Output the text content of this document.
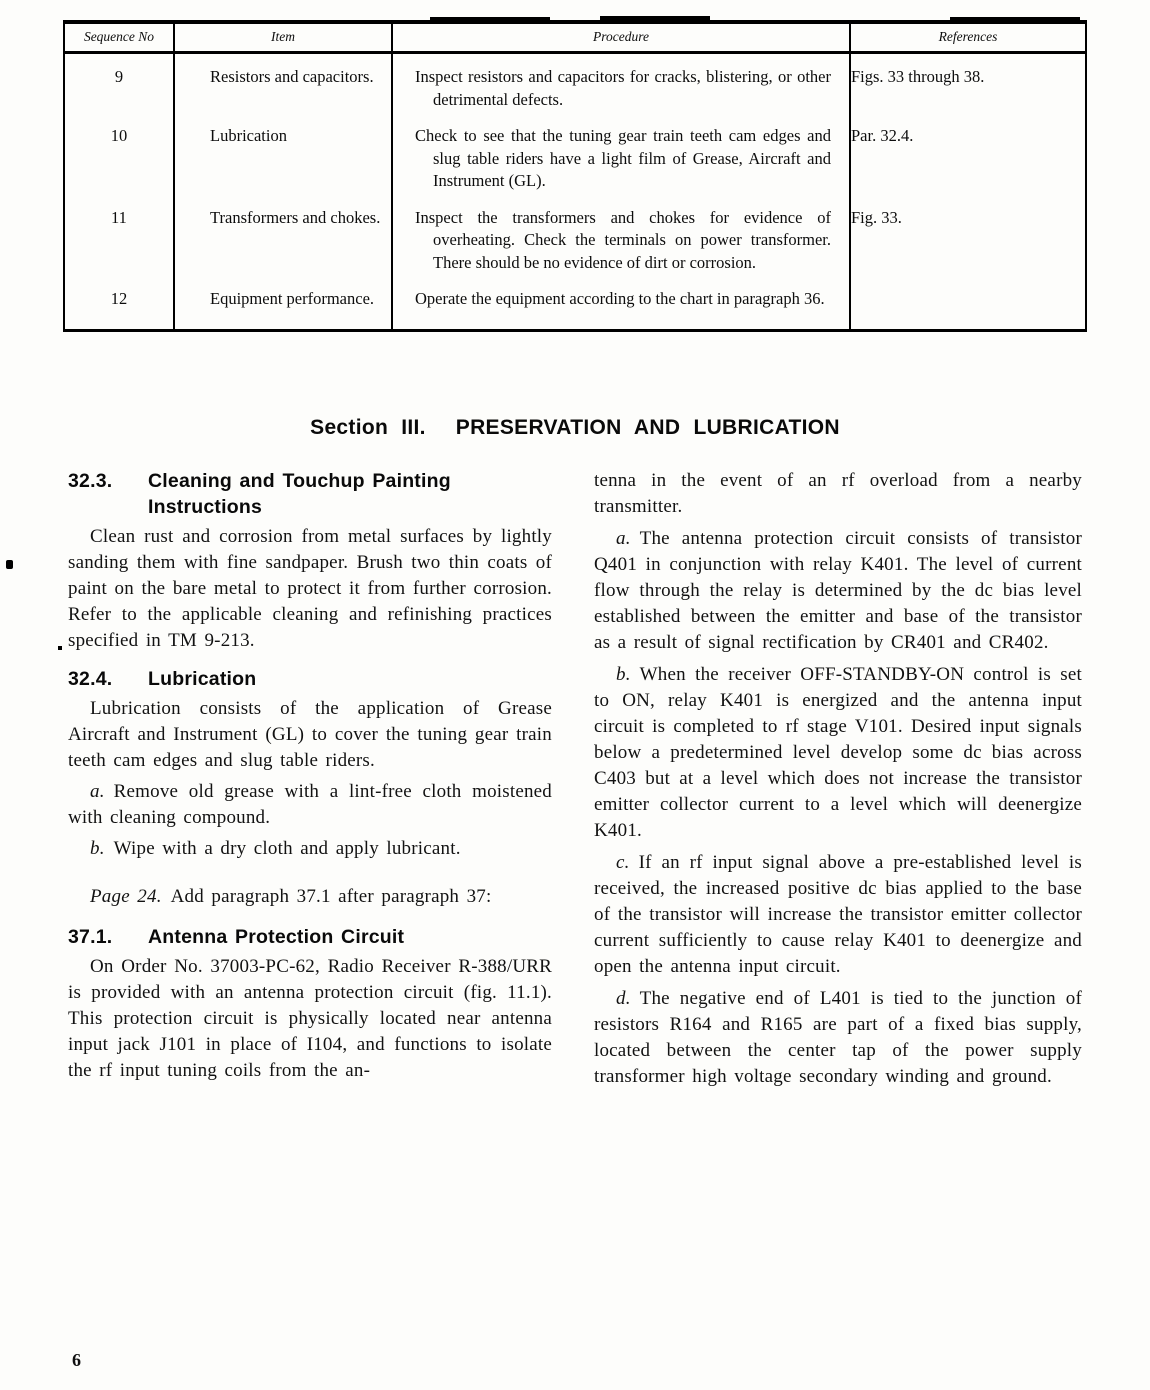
Sequence No	Item	Procedure	References
9	Resistors and capacitors.	Inspect resistors and capacitors for cracks, blistering, or other detrimental defects.	Figs. 33 through 38.
10	Lubrication	Check to see that the tuning gear train teeth cam edges and slug table riders have a light film of Grease, Aircraft and Instrument (GL).	Par. 32.4.
11	Transformers and chokes.	Inspect the transformers and chokes for evidence of overheating. Check the terminals on power transformer. There should be no evidence of dirt or corrosion.	Fig. 33.
12	Equipment performance.	Operate the equipment according to the chart in paragraph 36.	

Section III. PRESERVATION AND LUBRICATION
32.3.	Cleaning and Touchup Painting Instructions

Clean rust and corrosion from metal surfaces by lightly sanding them with fine sandpaper. Brush two thin coats of paint on the bare metal to protect it from further corrosion. Refer to the applicable cleaning and refinishing practices specified in TM 9-213.

32.4.	Lubrication

Lubrication consists of the application of Grease Aircraft and Instrument (GL) to cover the tuning gear train teeth cam edges and slug table riders.

a. Remove old grease with a lint-free cloth moistened with cleaning compound.

b. Wipe with a dry cloth and apply lubricant.

Page 24. Add paragraph 37.1 after paragraph 37:

37.1.	Antenna Protection Circuit

On Order No. 37003-PC-62, Radio Receiver R-388/URR is provided with an antenna protection circuit (fig. 11.1). This protection circuit is physically located near antenna input jack J101 in place of I104, and functions to isolate the rf input tuning coils from the an-

tenna in the event of an rf overload from a nearby transmitter.

a. The antenna protection circuit consists of transistor Q401 in conjunction with relay K401. The level of current flow through the relay is determined by the dc bias level established between the emitter and base of the transistor as a result of signal rectification by CR401 and CR402.

b. When the receiver OFF-STANDBY-ON control is set to ON, relay K401 is energized and the antenna input circuit is completed to rf stage V101. Desired input signals below a predetermined level develop some dc bias across C403 but at a level which does not increase the transistor emitter collector current to a level which will deenergize K401.

c. If an rf input signal above a pre-established level is received, the increased positive dc bias applied to the base of the transistor will increase the transistor emitter collector current sufficiently to cause relay K401 to deenergize and open the antenna input circuit.

d. The negative end of L401 is tied to the junction of resistors R164 and R165 are part of a fixed bias supply, located between the center tap of the power supply transformer high voltage secondary winding and ground.

6
